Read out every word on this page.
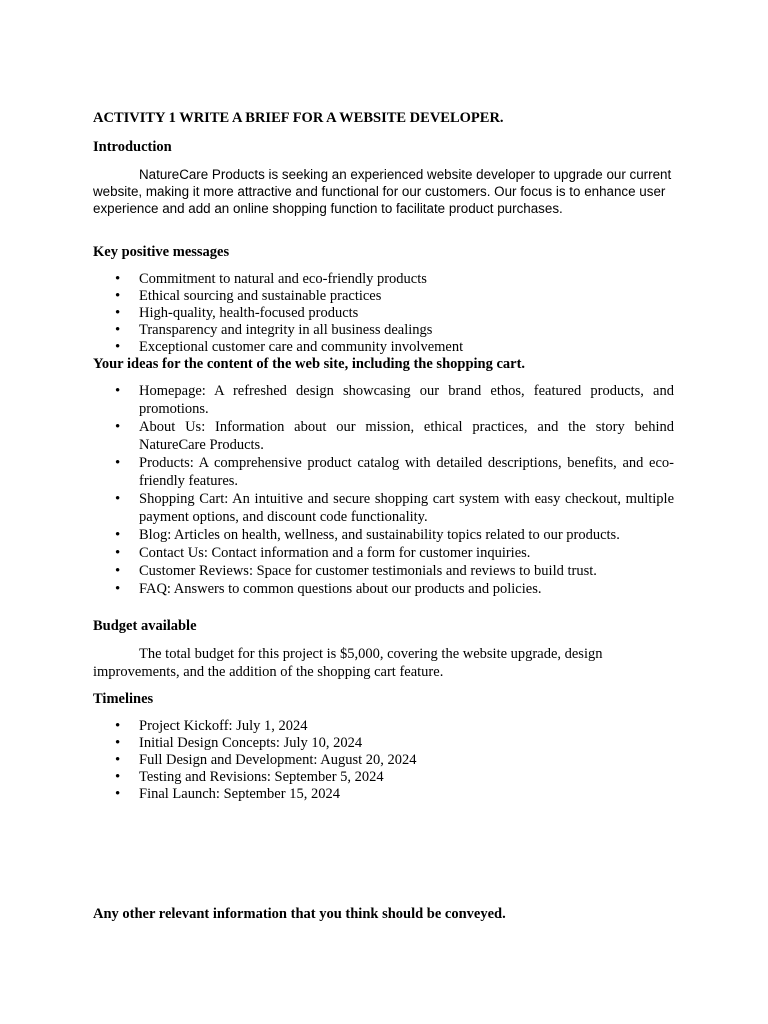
ACTIVITY 1 WRITE A BRIEF FOR A WEBSITE DEVELOPER.
Introduction
NatureCare Products is seeking an experienced website developer to upgrade our current website, making it more attractive and functional for our customers. Our focus is to enhance user experience and add an online shopping function to facilitate product purchases.
Key positive messages
• Commitment to natural and eco-friendly products
• Ethical sourcing and sustainable practices
• High-quality, health-focused products
• Transparency and integrity in all business dealings
• Exceptional customer care and community involvement
Your ideas for the content of the web site, including the shopping cart.
• Homepage: A refreshed design showcasing our brand ethos, featured products, and promotions.
• About Us: Information about our mission, ethical practices, and the story behind NatureCare Products.
• Products: A comprehensive product catalog with detailed descriptions, benefits, and eco-friendly features.
• Shopping Cart: An intuitive and secure shopping cart system with easy checkout, multiple payment options, and discount code functionality.
• Blog: Articles on health, wellness, and sustainability topics related to our products.
• Contact Us: Contact information and a form for customer inquiries.
• Customer Reviews: Space for customer testimonials and reviews to build trust.
• FAQ: Answers to common questions about our products and policies.
Budget available
The total budget for this project is $5,000, covering the website upgrade, design improvements, and the addition of the shopping cart feature.
Timelines
• Project Kickoff: July 1, 2024
• Initial Design Concepts: July 10, 2024
• Full Design and Development: August 20, 2024
• Testing and Revisions: September 5, 2024
• Final Launch: September 15, 2024
Any other relevant information that you think should be conveyed.
